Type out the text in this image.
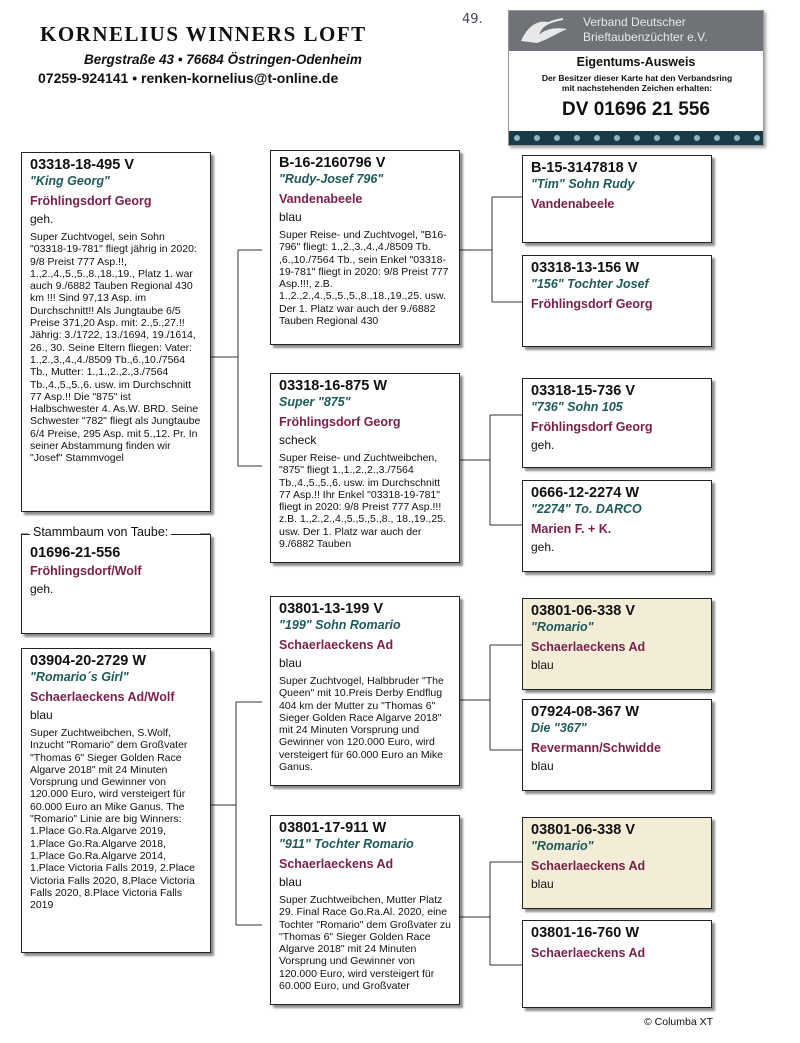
KORNELIUS WINNERS LOFT
Bergstraße 43 • 76684 Östringen-Odenheim
07259-924141 • renken-kornelius@t-online.de
49.	Verband Deutscher
Brieftaubenzüchter e.V.
Eigentums-Ausweis
Der Besitzer dieser Karte hat den Verbandsring
mit nachstehenden Zeichen erhalten:
DV 01696 21 556
03318-18-495 V
"King Georg"
Fröhlingsdorf Georg
geh.
Super Zuchtvogel, sein Sohn "03318-19-781" fliegt jährig in 2020: 9/8 Preist 777 Asp.!!, 1.,2.,4.,5.,5.,8.,18.,19., Platz 1. war auch 9./6882 Tauben Regional 430 km !!! Sind 97,13 Asp. im Durchschnitt!! Als Jungtaube 6/5 Preise 371,20 Asp. mit: 2.,5.,27.!! Jährig: 3./1722, 13./1694, 19./1614, 26., 30. Seine Eltern fliegen: Vater: 1.,2.,3.,4.,4./8509 Tb.,6.,10./7564 Tb., Mutter: 1.,1.,2.,2.,3./7564 Tb.,4.,5.,5.,6. usw. im Durchschnitt 77 Asp.!! Die "875" ist Halbschwester 4. As.W. BRD. Seine Schwester "782" fliegt als Jungtaube 6/4 Preise, 295 Asp. mit 5.,12. Pr. In seiner Abstammung finden wir "Josef" Stammvogel
01696-21-556
Fröhlingsdorf/Wolf
geh.
Stammbaum von Taube:
03904-20-2729 W
"Romario´s Girl"
Schaerlaeckens Ad/Wolf
blau
Super Zuchtweibchen, S.Wolf, Inzucht "Romario" dem Großvater "Thomas 6" Sieger Golden Race Algarve 2018" mit 24 Minuten Vorsprung und Gewinner von 120.000 Euro, wird versteigert für 60.000 Euro an Mike Ganus. The "Romario" Linie are big Winners: 1.Place Go.Ra.Algarve 2019, 1.Place Go.Ra.Algarve 2018, 1.Place Go.Ra.Algarve 2014, 1.Place Victoria Falls 2019, 2.Place Victoria Falls 2020, 8.Place Victoria Falls 2020, 8.Place Victoria Falls 2019
B-16-2160796 V
"Rudy-Josef 796"
Vandenabeele
blau
Super Reise- und Zuchtvogel, "B16-796" fliegt: 1.,2.,3.,4.,4./8509 Tb. ,6.,10./7564 Tb., sein Enkel "03318-19-781" fliegt in 2020: 9/8 Preist 777 Asp.!!!, z.B. 1.,2.,2.,4.,5.,5.,5.,8.,18.,19.,25. usw. Der 1. Platz war auch der 9./6882 Tauben Regional 430
03318-16-875 W
Super "875"
Fröhlingsdorf Georg
scheck
Super Reise- und Zuchtweibchen, "875" fliegt 1.,1.,2.,2.,3./7564 Tb.,4.,5.,5.,6. usw. im Durchschnitt 77 Asp.!! Ihr Enkel "03318-19-781" fliegt in 2020: 9/8 Preist 777 Asp.!!! z.B. 1.,2.,2.,4.,5.,5.,5.,8., 18.,19.,25. usw. Der 1. Platz war auch der 9./6882 Tauben
03801-13-199 V
"199" Sohn Romario
Schaerlaeckens Ad
blau
Super Zuchtvogel, Halbbruder "The Queen" mit 10.Preis Derby Endflug 404 km der Mutter zu "Thomas 6" Sieger Golden Race Algarve 2018" mit 24 Minuten Vorsprung und Gewinner von 120.000 Euro, wird versteigert für 60.000 Euro an Mike Ganus.
03801-17-911 W
"911" Tochter Romario
Schaerlaeckens Ad
blau
Super Zuchtweibchen, Mutter Platz 29. Final Race Go.Ra.Al. 2020, eine Tochter "Romario" dem Großvater zu "Thomas 6" Sieger Golden Race Algarve 2018" mit 24 Minuten Vorsprung und Gewinner von 120.000 Euro, wird versteigert für 60.000 Euro, und Großvater
B-15-3147818 V
"Tim" Sohn Rudy
Vandenabeele
03318-13-156 W
"156" Tochter Josef
Fröhlingsdorf Georg
03318-15-736 V
"736" Sohn 105
Fröhlingsdorf Georg
geh.
0666-12-2274 W
"2274" To. DARCO
Marien F. + K.
geh.
03801-06-338 V
"Romario"
Schaerlaeckens Ad
blau
07924-08-367 W
Die "367"
Revermann/Schwidde
blau
03801-06-338 V
"Romario"
Schaerlaeckens Ad
blau
03801-16-760 W
Schaerlaeckens Ad
© Columba XT
